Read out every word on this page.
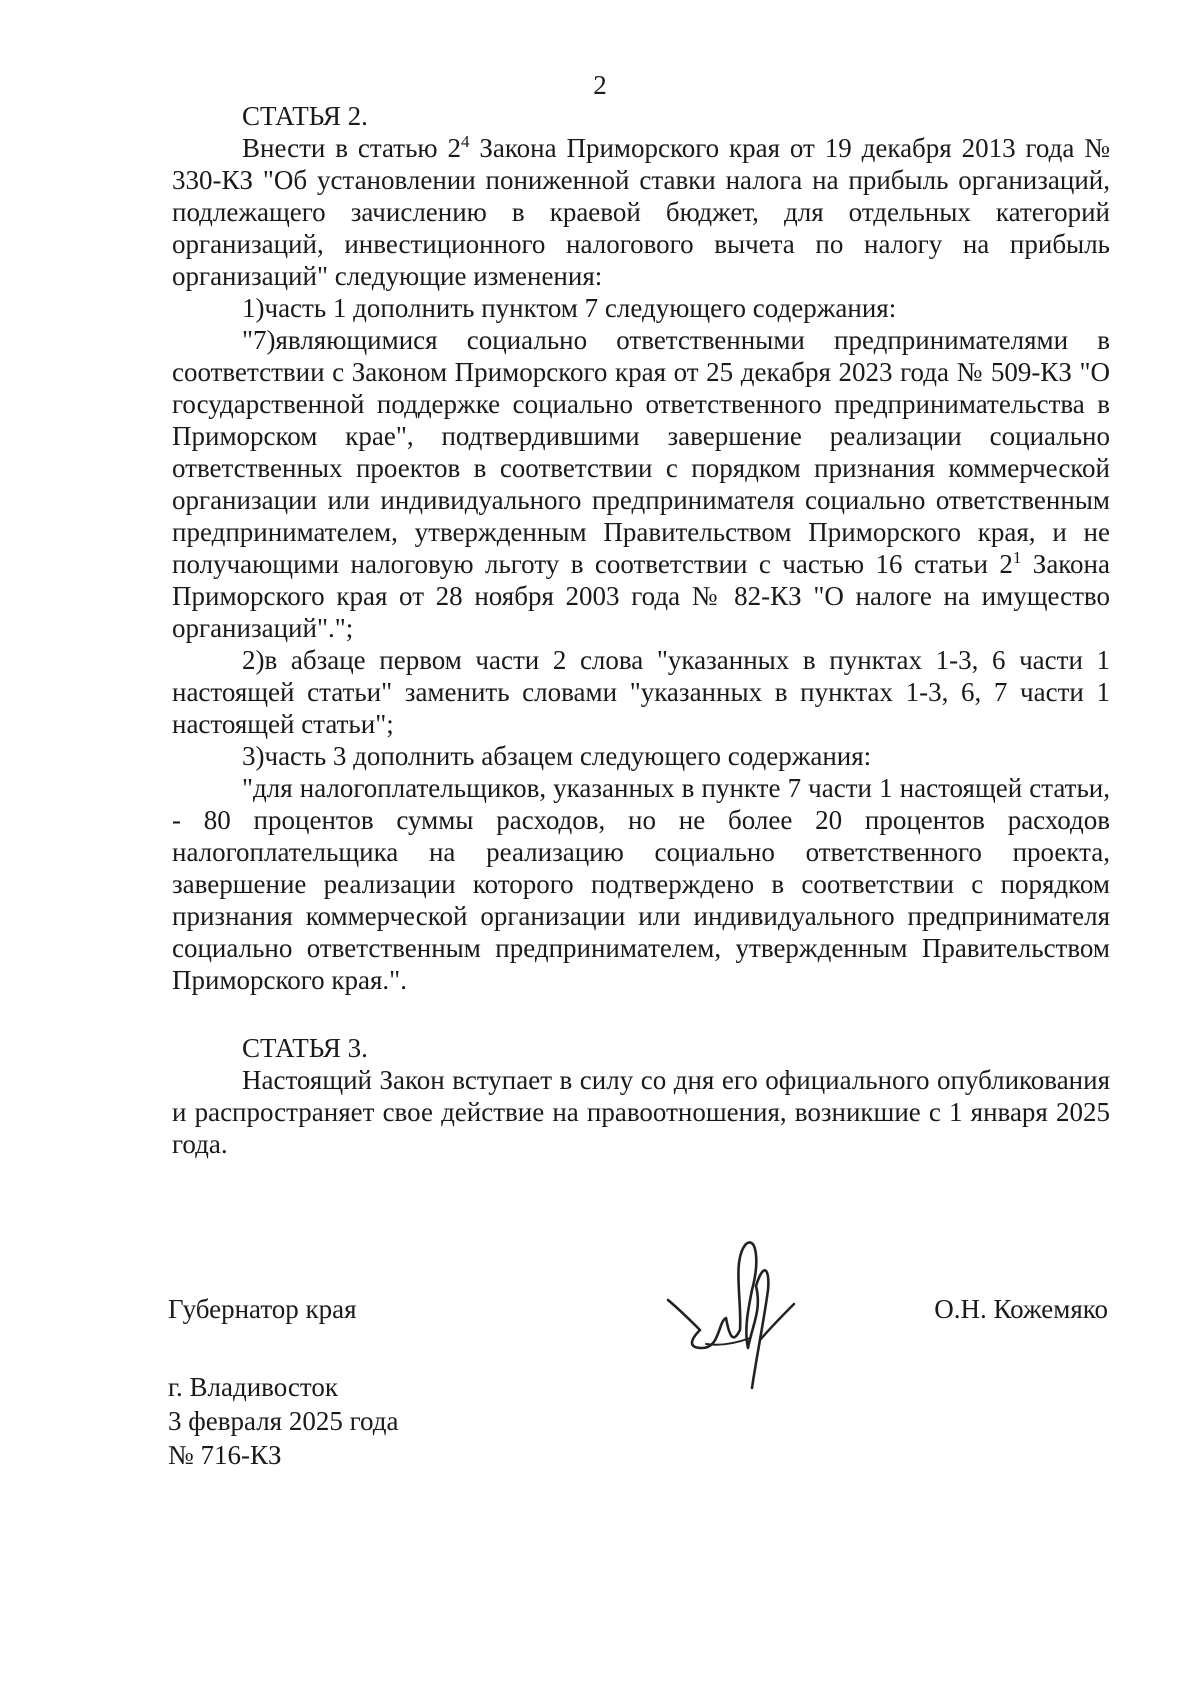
2
СТАТЬЯ 2.

Внести в статью $2^4$ Закона Приморского края от 19 декабря 2013 года № 330-КЗ "Об установлении пониженной ставки налога на прибыль организаций, подлежащего зачислению в краевой бюджет, для отдельных категорий организаций, инвестиционного налогового вычета по налогу на прибыль организаций" следующие изменения:

1)часть 1 дополнить пунктом 7 следующего содержания:

"7)являющимися социально ответственными предпринимателями в соответствии с Законом Приморского края от 25 декабря 2023 года № 509-КЗ "О государственной поддержке социально ответственного предпринимательства в Приморском крае", подтвердившими завершение реализации социально ответственных проектов в соответствии с порядком признания коммерческой организации или индивидуального предпринимателя социально ответственным предпринимателем, утвержденным Правительством Приморского края, и не получающими налоговую льготу в соответствии с частью 16 статьи $2^1$ Закона Приморского края от 28 ноября 2003 года № 82-КЗ "О налоге на имущество организаций".";

2)в абзаце первом части 2 слова "указанных в пунктах 1-3, 6 части 1 настоящей статьи" заменить словами "указанных в пунктах 1-3, 6, 7 части 1 настоящей статьи";

3)часть 3 дополнить абзацем следующего содержания:

"для налогоплательщиков, указанных в пункте 7 части 1 настоящей статьи, - 80 процентов суммы расходов, но не более 20 процентов расходов налогоплательщика на реализацию социально ответственного проекта, завершение реализации которого подтверждено в соответствии с порядком признания коммерческой организации или индивидуального предпринимателя социально ответственным предпринимателем, утвержденным Правительством Приморского края.".

СТАТЬЯ 3.

Настоящий Закон вступает в силу со дня его официального опубликования и распространяет свое действие на правоотношения, возникшие с 1 января 2025 года.

Губернатор края	О.Н. Кожемяко
г. Владивосток
3 февраля 2025 года
№ 716-КЗ
